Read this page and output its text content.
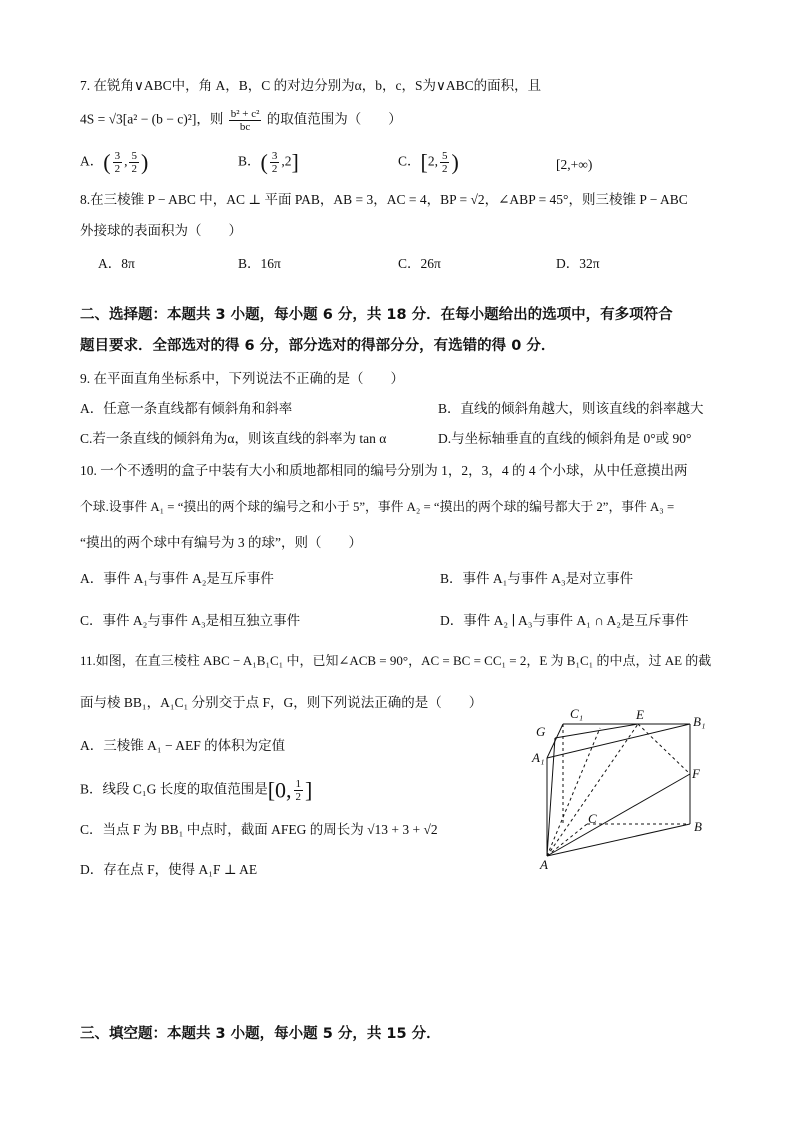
7. 在锐角∨ABC中，角 A，B，C 的对边分别为α，b，c，S为∨ABC的面积，且
4S = √3[a² − (b − c)²]，则 $\frac{\text{b² + c²}}{bc}$ 的取值范围为（　　）
A．( $\frac{3}{2}$ , $\frac{5}{2}$ )	B．( $\frac{3}{2} ,2$]	C．[2, $\frac{5}{2}$ )	[2,+∞)
8.在三棱锥 P − ABC 中，AC ⊥ 平面 PAB，AB = 3，AC = 4，BP = √2，∠ABP = 45°，则三棱锥 P − ABC
外接球的表面积为（　　）
A．8π	B．16π	C．26π	D．32π
二、选择题：本题共 3 小题，每小题 6 分，共 18 分．在每小题给出的选项中，有多项符合
题目要求．全部选对的得 6 分，部分选对的得部分分，有选错的得 0 分．
9. 在平面直角坐标系中，下列说法不正确的是（　　）
A．任意一条直线都有倾斜角和斜率	B．直线的倾斜角越大，则该直线的斜率越大
C.若一条直线的倾斜角为α，则该直线的斜率为 tan α	D.与坐标轴垂直的直线的倾斜角是 0°或 90°
10. 一个不透明的盒子中装有大小和质地都相同的编号分别为 1，2，3，4 的 4 个小球，从中任意摸出两
个球.设事件 A₁ = “摸出的两个球的编号之和小于 5”，事件 A₂ = “摸出的两个球的编号都大于 2”，事件 A₃ =
“摸出的两个球中有编号为 3 的球”，则（　　）
A．事件 A₁与事件 A₂是互斥事件	B．事件 A₁与事件 A₃是对立事件
C．事件 A₂与事件 A₃是相互独立事件	D．事件 A₂ ∣ A₃与事件 A₁ ∩ A₂是互斥事件
11.如图，在直三棱柱 ABC − A₁B₁C₁ 中，已知∠ACB = 90°，AC = BC = CC₁ = 2，E 为 B₁C₁ 的中点，过 AE 的截
面与棱 BB₁，A₁C₁ 分别交于点 F，G，则下列说法正确的是（　　）
A．三棱锥 A₁ − AEF 的体积为定值
B．线段 C₁G 长度的取值范围是[0, $\frac{1}{2}$ ]
C．当点 F 为 BB₁ 中点时，截面 AFEG 的周长为 √13 + 3 + √2
D．存在点 F，使得 A₁F ⊥ AE
C₁	E	B₁
G
A₁
F
C
B
A
三、填空题：本题共 3 小题，每小题 5 分，共 15 分．
